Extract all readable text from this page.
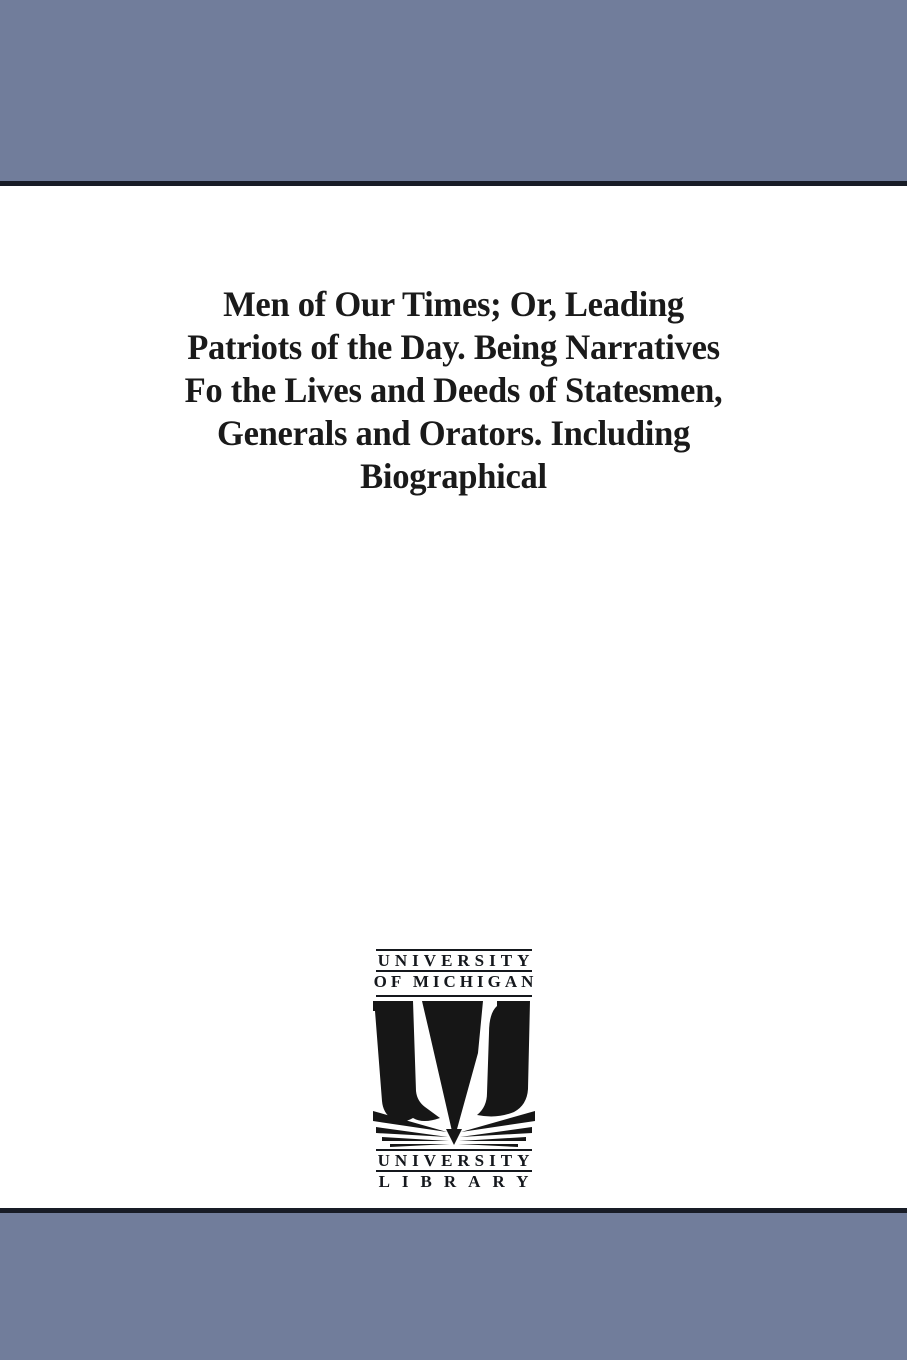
Men of Our Times; Or, Leading
Patriots of the Day. Being Narratives
Fo the Lives and Deeds of Statesmen,
Generals and Orators. Including
Biographical
UNIVERSITY
OF MICHIGAN
UNIVERSITY
LIBRARY
